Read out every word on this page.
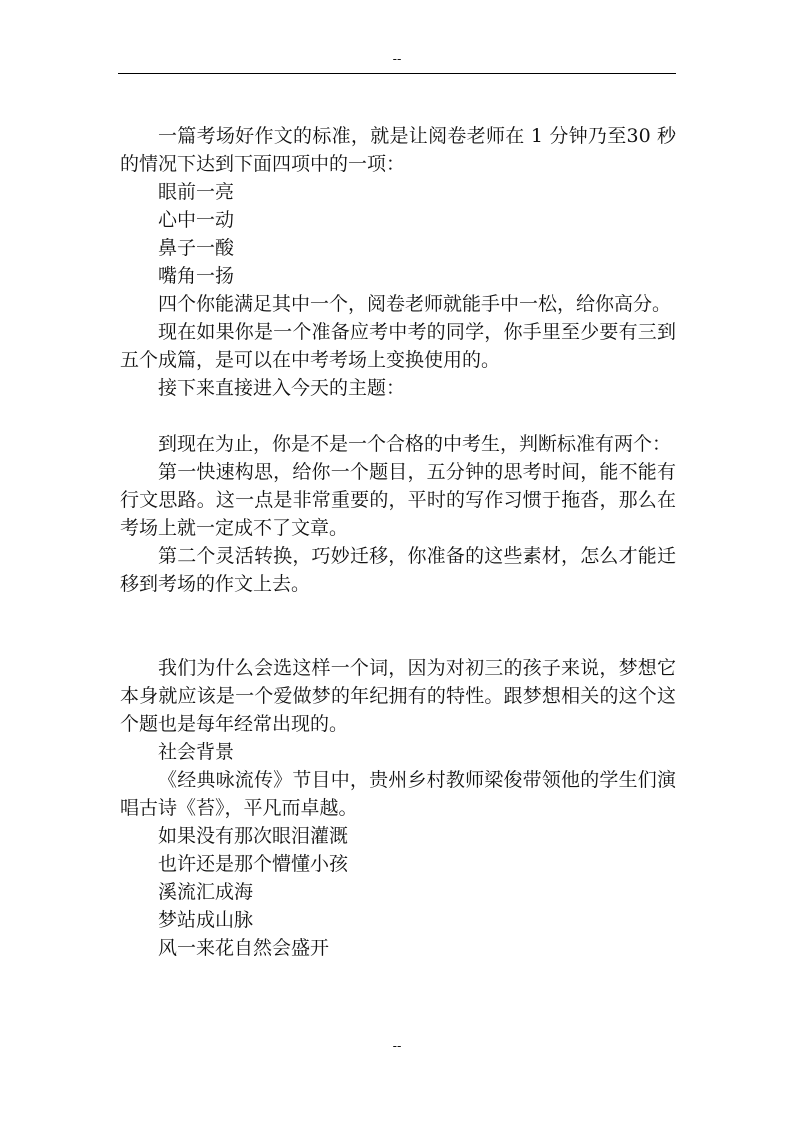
--

一篇考场好作文的标准，就是让阅卷老师在 1 分钟乃至30 秒的情况下达到下面四项中的一项：

眼前一亮

心中一动

鼻子一酸

嘴角一扬

四个你能满足其中一个，阅卷老师就能手中一松，给你高分。

现在如果你是一个准备应考中考的同学，你手里至少要有三到五个成篇，是可以在中考考场上变换使用的。

接下来直接进入今天的主题：

到现在为止，你是不是一个合格的中考生，判断标准有两个：

第一快速构思，给你一个题目，五分钟的思考时间，能不能有行文思路。这一点是非常重要的，平时的写作习惯于拖沓，那么在考场上就一定成不了文章。

第二个灵活转换，巧妙迁移，你准备的这些素材，怎么才能迁移到考场的作文上去。

我们为什么会选这样一个词，因为对初三的孩子来说，梦想它本身就应该是一个爱做梦的年纪拥有的特性。跟梦想相关的这个这个题也是每年经常出现的。

社会背景

《经典咏流传》节目中，贵州乡村教师梁俊带领他的学生们演唱古诗《苔》，平凡而卓越。

如果没有那次眼泪灌溉

也许还是那个懵懂小孩

溪流汇成海

梦站成山脉

风一来花自然会盛开

--
